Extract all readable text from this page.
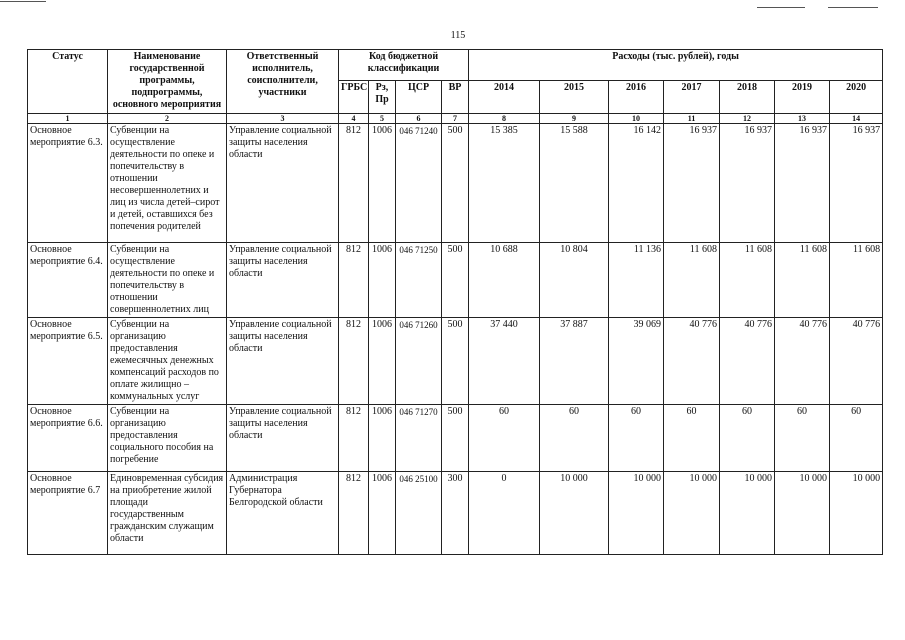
115
Статус	Наименование государственной программы, подпрограммы, основного мероприятия	Ответственный исполнитель, соисполнители, участники	Код бюджетной классификации				Расходы (тыс. рублей), годы						
			ГРБС	Рз, Пр	ЦСР	ВР	2014	2015	2016	2017	2018	2019	2020
1	2	3	4	5	6	7	8	9	10	11	12	13	14
Основное мероприятие 6.3.	Субвенции на осуществление деятельности по опеке и попечительству в отношении несовершеннолетних и лиц из числа детей–сирот и детей, оставшихся без попечения родителей	Управление социальной защиты населения области	812	1006	046 71240	500	15 385	15 588	16 142	16 937	16 937	16 937	16 937
Основное мероприятие 6.4.	Субвенции на осуществление деятельности по опеке и попечительству в отношении совершеннолетних лиц	Управление социальной защиты населения области	812	1006	046 71250	500	10 688	10 804	11 136	11 608	11 608	11 608	11 608
Основное мероприятие 6.5.	Субвенции на организацию предоставления ежемесячных денежных компенсаций расходов по оплате жилищно – коммунальных услуг	Управление социальной защиты населения области	812	1006	046 71260	500	37 440	37 887	39 069	40 776	40 776	40 776	40 776
Основное мероприятие 6.6.	Субвенции на организацию предоставления социального пособия на погребение	Управление социальной защиты населения области	812	1006	046 71270	500	60	60	60	60	60	60	60
Основное мероприятие 6.7	Единовременная субсидия на приобретение жилой площади государственным гражданским служащим области	Администрация Губернатора Белгородской области	812	1006	046 25100	300	0	10 000	10 000	10 000	10 000	10 000	10 000
